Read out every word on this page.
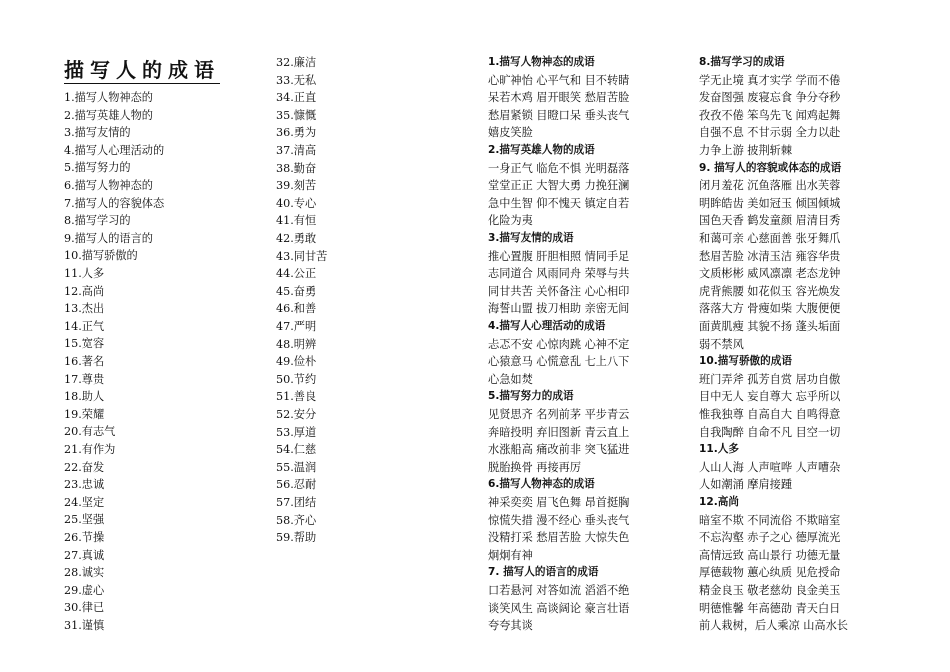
描写人的成语
1.描写人物神态的
2.描写英雄人物的
3.描写友情的
4.描写人心理活动的
5.描写努力的
6.描写人物神态的
7.描写人的容貌体态
8.描写学习的
9.描写人的语言的
10.描写骄傲的
11.人多
12.高尚
13.杰出
14.正气
15.宽容
16.著名
17.尊贵
18.助人
19.荣耀
20.有志气
21.有作为
22.奋发
23.忠诚
24.坚定
25.坚强
26.节操
27.真诚
28.诚实
29.虚心
30.律已
31.谨慎
32.廉洁
33.无私
34.正直
35.慷慨
36.勇为
37.清高
38.勤奋
39.刻苦
40.专心
41.有恒
42.勇敢
43.同甘苦
44.公正
45.奋勇
46.和善
47.严明
48.明辨
49.俭朴
50.节约
51.善良
52.安分
53.厚道
54.仁慈
55.温润
56.忍耐
57.团结
58.齐心
59.帮助
1.描写人物神态的成语
心旷神怡 心平气和 目不转睛
呆若木鸡 眉开眼笑 愁眉苦脸
愁眉紧锁 目瞪口呆 垂头丧气
嬉皮笑脸
2.描写英雄人物的成语
一身正气 临危不惧 光明磊落
堂堂正正 大智大勇 力挽狂澜
急中生智 仰不愧天 镇定自若
化险为夷
3.描写友情的成语
推心置腹 肝胆相照 情同手足
志同道合 风雨同舟 荣辱与共
同甘共苦 关怀备注 心心相印
海誓山盟 拔刀相助 亲密无间
4.描写人心理活动的成语
忐忑不安 心惊肉跳 心神不定
心猿意马 心慌意乱 七上八下
心急如焚
5.描写努力的成语
见贤思齐 名列前茅 平步青云
奔暗投明 弃旧图新 青云直上
水涨船高 痛改前非 突飞猛进
脱胎换骨 再接再厉
6.描写人物神态的成语
神采奕奕 眉飞色舞 昂首挺胸
惊慌失措 漫不经心 垂头丧气
没精打采 愁眉苦脸 大惊失色
炯炯有神
7. 描写人的语言的成语
口若悬河 对答如流 滔滔不绝
谈笑风生 高谈阔论 豪言壮语
夸夸其谈
8.描写学习的成语
学无止境 真才实学 学而不倦
发奋图强 废寝忘食 争分夺秒
孜孜不倦 笨鸟先飞 闻鸡起舞
自强不息 不甘示弱 全力以赴
力争上游 披荆斩棘
9. 描写人的容貌或体态的成语
闭月羞花 沉鱼落雁 出水芙蓉
明眸皓齿 美如冠玉 倾国倾城
国色天香 鹤发童颜 眉清目秀
和蔼可亲 心慈面善 张牙舞爪
愁眉苦脸 冰清玉洁 雍容华贵
文质彬彬 威风凛凛 老态龙钟
虎背熊腰 如花似玉 容光焕发
落落大方 骨瘦如柴 大腹便便
面黄肌瘦 其貌不扬 蓬头垢面
弱不禁风
10.描写骄傲的成语
班门弄斧 孤芳自赏 居功自傲
目中无人 妄自尊大 忘乎所以
惟我独尊 自高自大 自鸣得意
自我陶醉 自命不凡 目空一切
11.人多
人山人海 人声喧哗 人声嘈杂
人如潮涌 摩肩接踵
12.高尚
暗室不欺 不同流俗 不欺暗室
不忘沟壑 赤子之心 德厚流光
高情远致 高山景行 功德无量
厚德载物 蕙心纨质 见危授命
精金良玉 敬老慈幼 良金美玉
明德惟馨 年高德劭 青天白日
前人栽树，后人乘凉 山高水长
